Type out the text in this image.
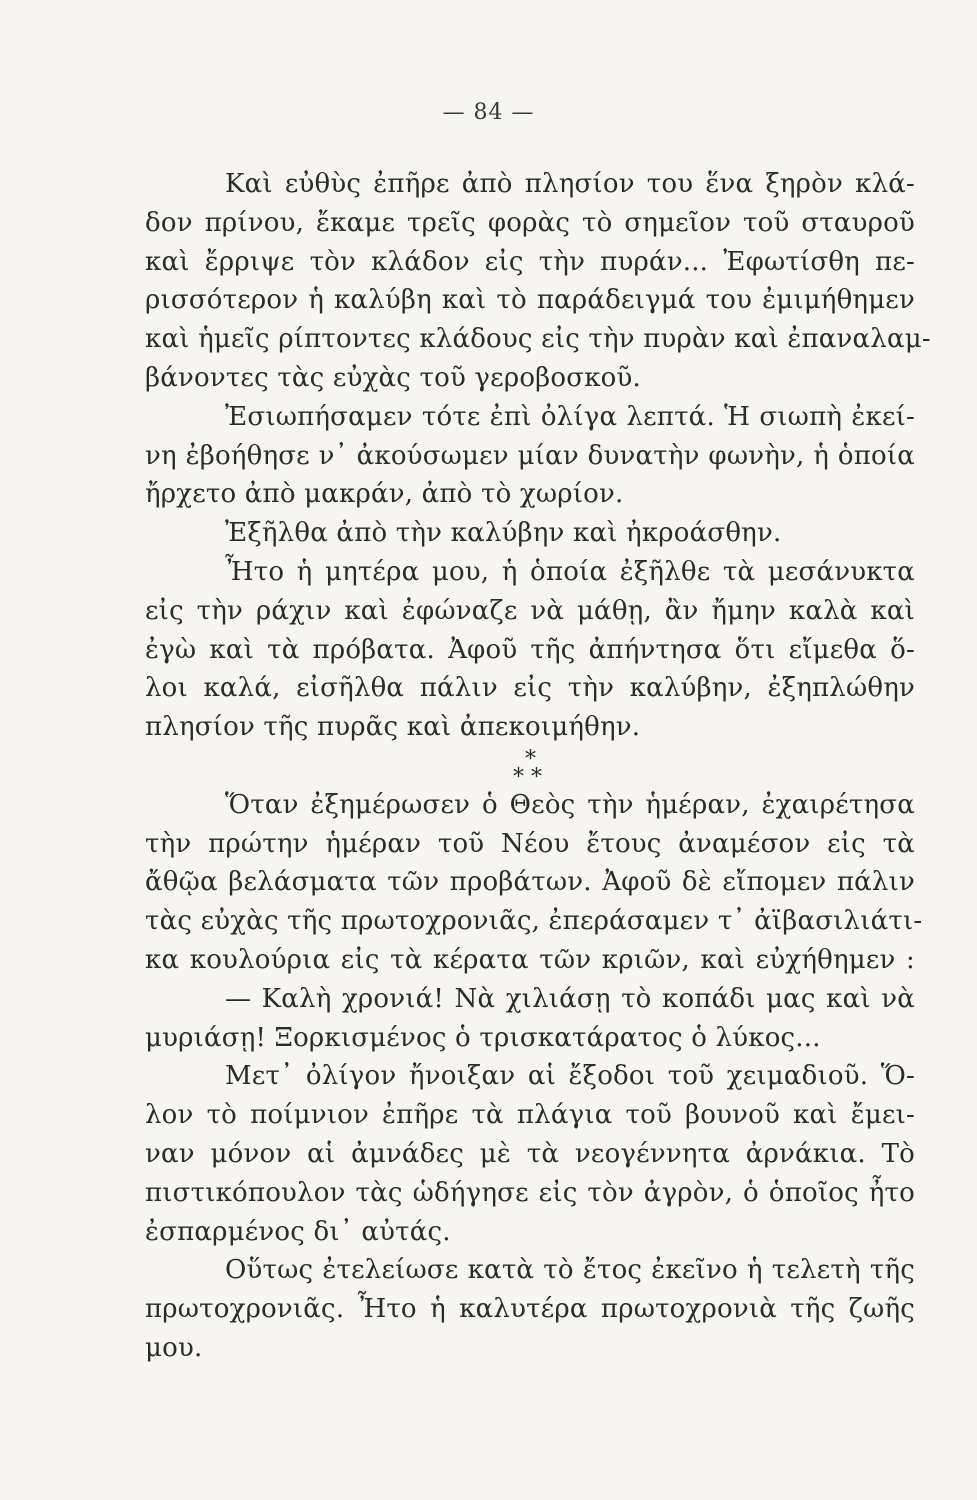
— 84 —
Καὶ εὐθὺς ἐπῆρε ἀπὸ πλησίον του ἕνα ξηρὸν κλά-
δον πρίνου, ἔκαμε τρεῖς φορὰς τὸ σημεῖον τοῦ σταυροῦ
καὶ ἔρριψε τὸν κλάδον εἰς τὴν πυράν... Ἐφωτίσθη πε-
ρισσότερον ἡ καλύβη καὶ τὸ παράδειγμά του ἐμιμήθημεν
καὶ ἡμεῖς ρίπτοντες κλάδους εἰς τὴν πυρὰν καὶ ἐπαναλαμ-
βάνοντες τὰς εὐχὰς τοῦ γεροβοσκοῦ.
Ἐσιωπήσαμεν τότε ἐπὶ ὀλίγα λεπτά. Ἡ σιωπὴ ἐκεί-
νη ἐβοήθησε ν᾽ ἀκούσωμεν μίαν δυνατὴν φωνὴν, ἡ ὁποία
ἤρχετο ἀπὸ μακράν, ἀπὸ τὸ χωρίον.
Ἐξῆλθα ἀπὸ τὴν καλύβην καὶ ἠκροάσθην.
Ἦτο ἡ μητέρα μου, ἡ ὁποία ἐξῆλθε τὰ μεσάνυκτα
εἰς τὴν ράχιν καὶ ἐφώναζε νὰ μάθῃ, ἂν ἤμην καλὰ καὶ
ἐγὼ καὶ τὰ πρόβατα. Ἀφοῦ τῆς ἀπήντησα ὅτι εἴμεθα ὅ-
λοι καλά, εἰσῆλθα πάλιν εἰς τὴν καλύβην, ἐξηπλώθην
πλησίον τῆς πυρᾶς καὶ ἀπεκοιμήθην.
*
* *
Ὅταν ἐξημέρωσεν ὁ Θεὸς τὴν ἡμέραν, ἐχαιρέτησα
τὴν πρώτην ἡμέραν τοῦ Νέου ἔτους ἀναμέσον εἰς τὰ
ἄθῷα βελάσματα τῶν προβάτων. Ἀφοῦ δὲ εἴπομεν πάλιν
τὰς εὐχὰς τῆς πρωτοχρονιᾶς, ἐπεράσαμεν τ᾽ ἀϊβασιλιάτι-
κα κουλούρια εἰς τὰ κέρατα τῶν κριῶν, καὶ εὐχήθημεν :
— Καλὴ χρονιά! Νὰ χιλιάσῃ τὸ κοπάδι μας καὶ νὰ
μυριάσῃ! Ξορκισμένος ὁ τρισκατάρατος ὁ λύκος...
Μετ᾽ ὀλίγον ἤνοιξαν αἱ ἔξοδοι τοῦ χειμαδιοῦ. Ὅ-
λον τὸ ποίμνιον ἐπῆρε τὰ πλάγια τοῦ βουνοῦ καὶ ἔμει-
ναν μόνον αἱ ἀμνάδες μὲ τὰ νεογέννητα ἀρνάκια. Τὸ
πιστικόπουλον τὰς ὡδήγησε εἰς τὸν ἀγρὸν, ὁ ὁποῖος ἦτο
ἐσπαρμένος δι᾽ αὐτάς.
Οὕτως ἐτελείωσε κατὰ τὸ ἔτος ἐκεῖνο ἡ τελετὴ τῆς
πρωτοχρονιᾶς. Ἦτο ἡ καλυτέρα πρωτοχρονιὰ τῆς ζωῆς
μου.
